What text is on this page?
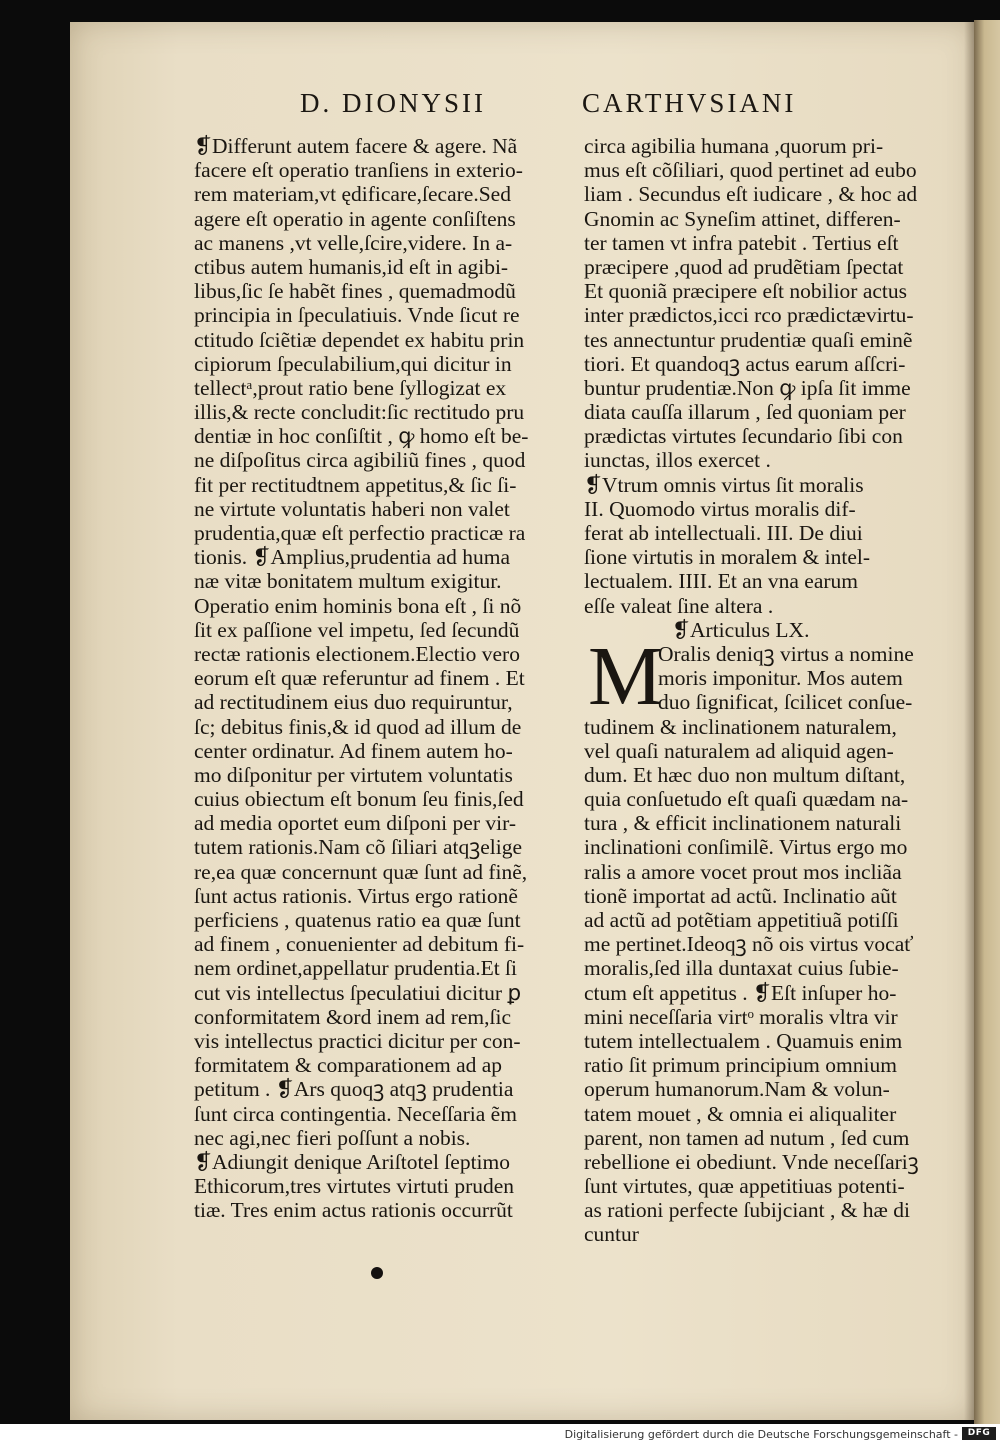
D. DIONYSII	CARTHVSIANI
❡Differunt autem facere & agere. Nã
facere eſt operatio tranſiens in exterio-
rem materiam,vt ędificare,ſecare.Sed
agere eſt operatio in agente conſiſtens
ac manens ,vt velle,ſcire,videre. In a-
ctibus autem humanis,id eſt in agibi-
libus,ſic ſe habẽt fines , quemadmodũ
principia in ſpeculatiuis. Vnde ſicut re
ctitudo ſciẽtiæ dependet ex habitu prin
cipiorum ſpeculabilium,qui dicitur in
tellectᵃ,prout ratio bene ſyllogizat ex
illis,& recte concludit:ſic rectitudo pru
dentiæ in hoc conſiſtit , ꝙ homo eſt be-
ne diſpoſitus circa agibiliũ fines , quod
fit per rectitudtnem appetitus,& ſic ſi-
ne virtute voluntatis haberi non valet
prudentia,quæ eſt perfectio practicæ ra
tionis. ❡Amplius,prudentia ad huma
næ vitæ bonitatem multum exigitur.
Operatio enim hominis bona eſt , ſi nõ
ſit ex paſſione vel impetu, ſed ſecundũ
rectæ rationis electionem.Electio vero
eorum eſt quæ referuntur ad finem . Et
ad rectitudinem eius duo requiruntur,
ſc; debitus finis,& id quod ad illum de
center ordinatur. Ad finem autem ho-
mo diſponitur per virtutem voluntatis
cuius obiectum eſt bonum ſeu finis,ſed
ad media oportet eum diſponi per vir-
tutem rationis.Nam cõ ſiliari atqꝫelige
re,ea quæ concernunt quæ ſunt ad finẽ,
ſunt actus rationis. Virtus ergo rationẽ
perficiens , quatenus ratio ea quæ ſunt
ad finem , conuenienter ad debitum fi-
nem ordinet,appellatur prudentia.Et ſi
cut vis intellectus ſpeculatiui dicitur ꝑ
conformitatem &ord inem ad rem,ſic
vis intellectus practici dicitur per con-
formitatem & comparationem ad ap
petitum . ❡Ars quoqꝫ atqꝫ prudentia
ſunt circa contingentia. Neceſſaria ẽm
nec agi,nec fieri poſſunt a nobis.
❡Adiungit denique Ariſtotel ſeptimo
Ethicorum,tres virtutes virtuti pruden
tiæ. Tres enim actus rationis occurrũt
circa agibilia humana ,quorum pri-
mus eſt cõſiliari, quod pertinet ad eubo
liam . Secundus eſt iudicare , & hoc ad
Gnomin ac Syneſim attinet, differen-
ter tamen vt infra patebit . Tertius eſt
præcipere ,quod ad prudẽtiam ſpectat
Et quoniã præcipere eſt nobilior actus
inter prædictos,icci rco prædictævirtu-
tes annectuntur prudentiæ quaſi eminẽ
tiori. Et quandoqꝫ actus earum aſſcri-
buntur prudentiæ.Non ꝙ ipſa ſit imme
diata cauſſa illarum , ſed quoniam per
prædictas virtutes ſecundario ſibi con
iunctas, illos exercet .
❡Vtrum omnis virtus ſit moralis
II. Quomodo virtus moralis dif-
ferat ab intellectuali. III. De diui
ſione virtutis in moralem & intel-
lectualem. IIII. Et an vna earum
eſſe valeat ſine altera .
❡Articulus LX.
M
Oralis deniqꝫ virtus a nomine
moris imponitur. Mos autem
duo ſignificat, ſcilicet conſue-
tudinem & inclinationem naturalem,
vel quaſi naturalem ad aliquid agen-
dum. Et hæc duo non multum diſtant,
quia conſuetudo eſt quaſi quædam na-
tura , & efficit inclinationem naturali
inclinationi conſimilẽ. Virtus ergo mo
ralis a amore vocet prout mos incliãa
tionẽ importat ad actũ. Inclinatio aũt
ad actũ ad potẽtiam appetitiuã potiſſi
me pertinet.Ideoqꝫ nõ ois virtus vocať
moralis,ſed illa duntaxat cuius ſubie-
ctum eſt appetitus . ❡Eſt inſuper ho-
mini neceſſaria virtᵒ moralis vltra vir
tutem intellectualem . Quamuis enim
ratio ſit primum principium omnium
operum humanorum.Nam & volun-
tatem mouet , & omnia ei aliqualiter
parent, non tamen ad nutum , ſed cum
rebellione ei obediunt. Vnde neceſſariꝫ
ſunt virtutes, quæ appetitiuas potenti-
as rationi perfecte ſubijciant , & hæ di
cuntur
Digitalisierung gefördert durch die Deutsche Forschungsgemeinschaft -	DFG
